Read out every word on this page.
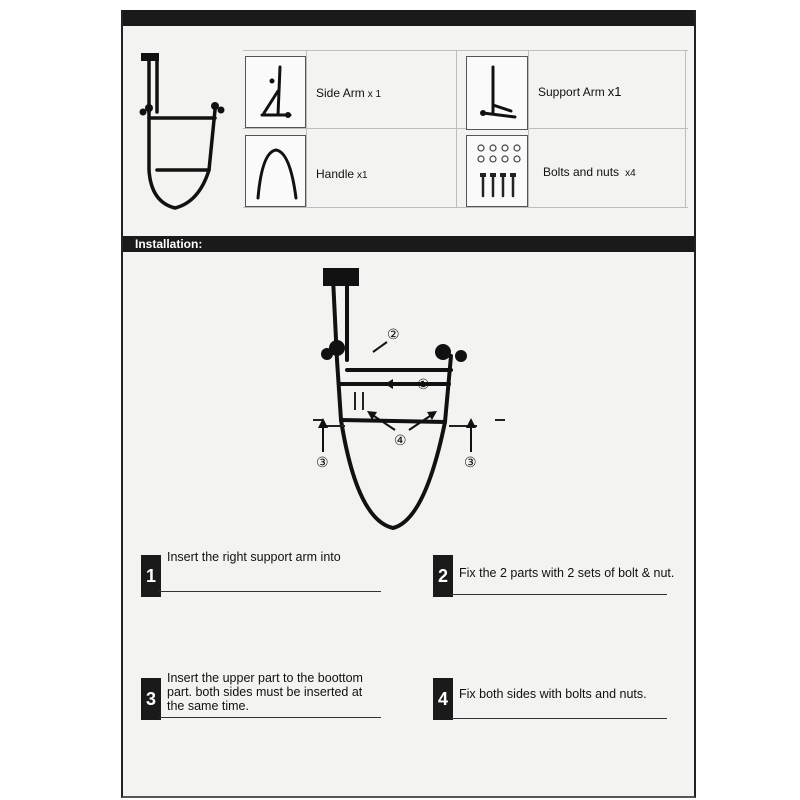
Side Arm x 1	Support Arm x1
Handle x1	Bolts and nuts x4
Installation:
②
①
④
③	③
1
Insert the right support arm into
2 Fix the 2 parts with 2 sets of bolt & nut.
3
Insert the upper part to the boottom
part. both sides must be inserted at
the same time.	4 Fix both sides with bolts and nuts.
